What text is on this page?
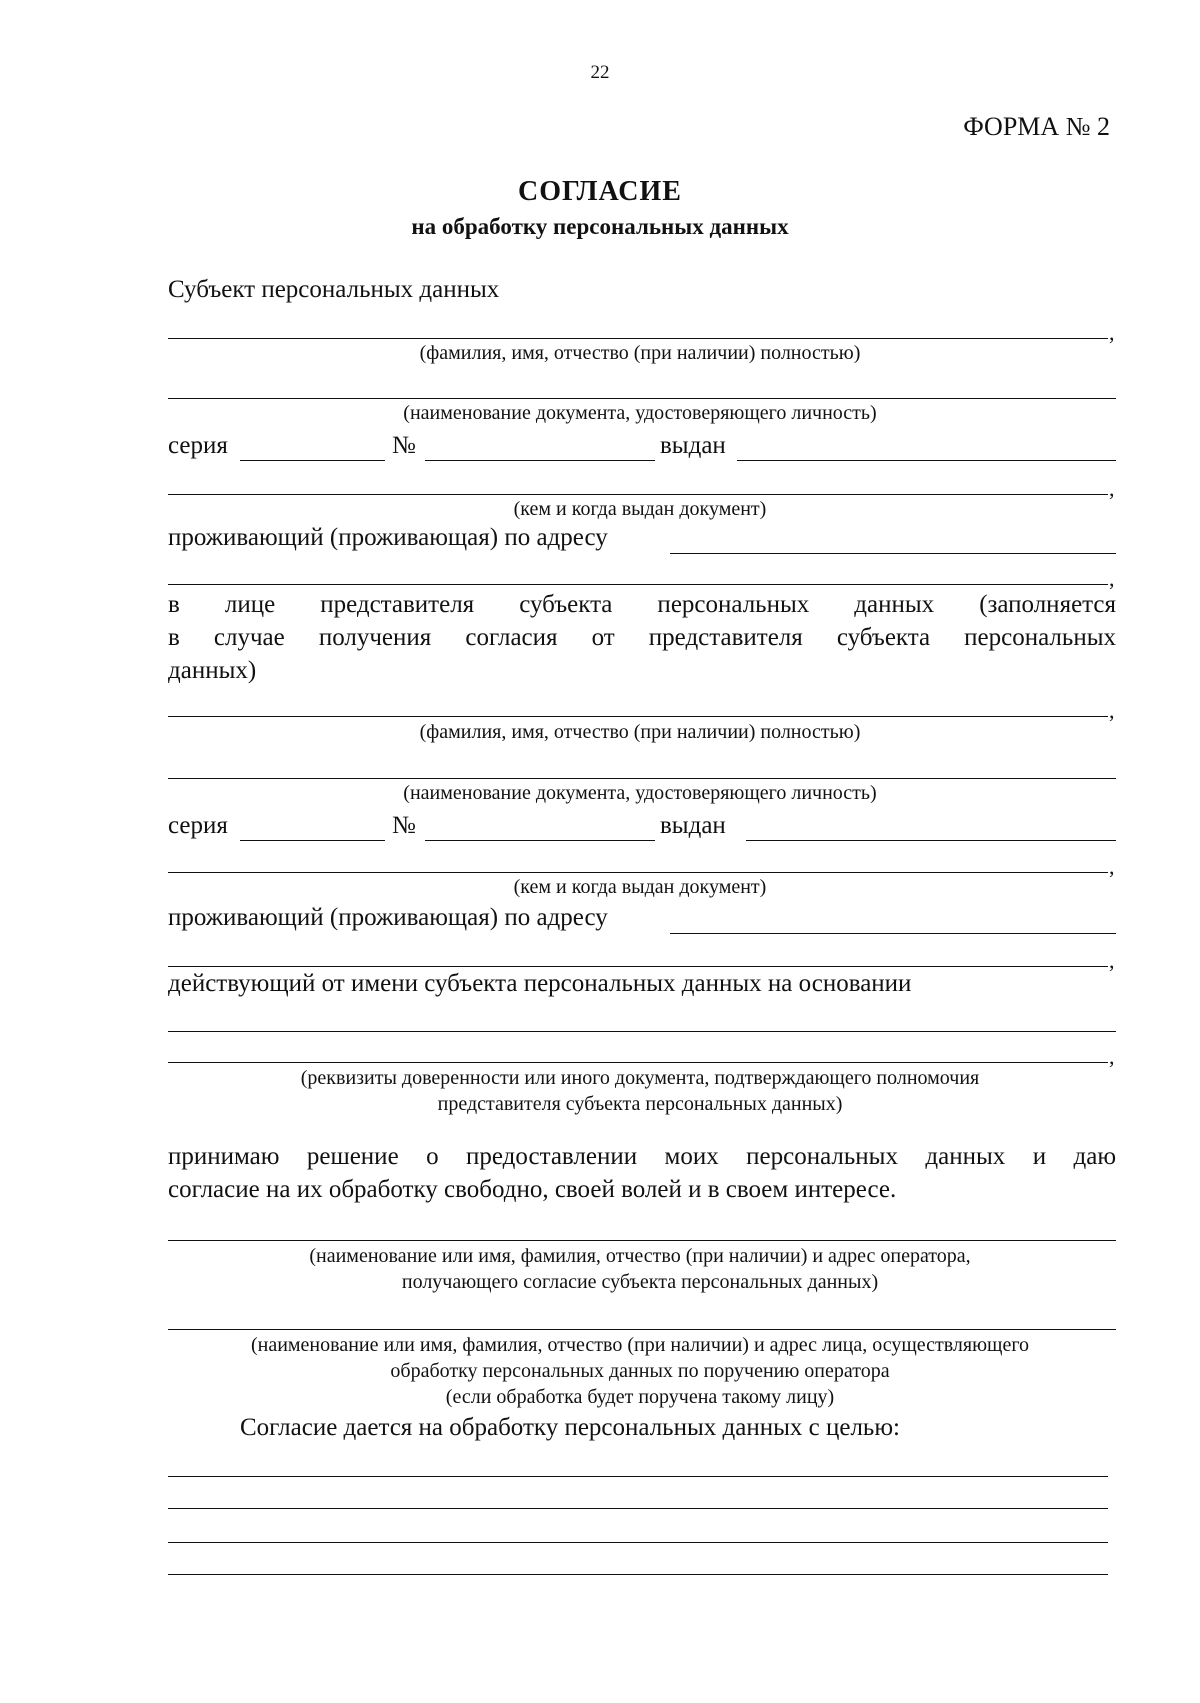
22
ФОРМА № 2
СОГЛАСИЕ
на обработку персональных данных
Субъект персональных данных
,
(фамилия, имя, отчество (при наличии) полностью)
(наименование документа, удостоверяющего личность)
серия	№	выдан
,
(кем и когда выдан документ)
проживающий (проживающая) по адресу
,
в лице представителя субъекта персональных данных (заполняется
в случае получения согласия от представителя субъекта персональных
данных)
,
(фамилия, имя, отчество (при наличии) полностью)
(наименование документа, удостоверяющего личность)
серия	№	выдан
,
(кем и когда выдан документ)
проживающий (проживающая) по адресу
,
действующий от имени субъекта персональных данных на основании
,
(реквизиты доверенности или иного документа, подтверждающего полномочия
представителя субъекта персональных данных)
принимаю решение о предоставлении моих персональных данных и даю
согласие на их обработку свободно, своей волей и в своем интересе.
(наименование или имя, фамилия, отчество (при наличии) и адрес оператора,
получающего согласие субъекта персональных данных)
(наименование или имя, фамилия, отчество (при наличии) и адрес лица, осуществляющего
обработку персональных данных по поручению оператора
(если обработка будет поручена такому лицу)
Согласие дается на обработку персональных данных с целью:
